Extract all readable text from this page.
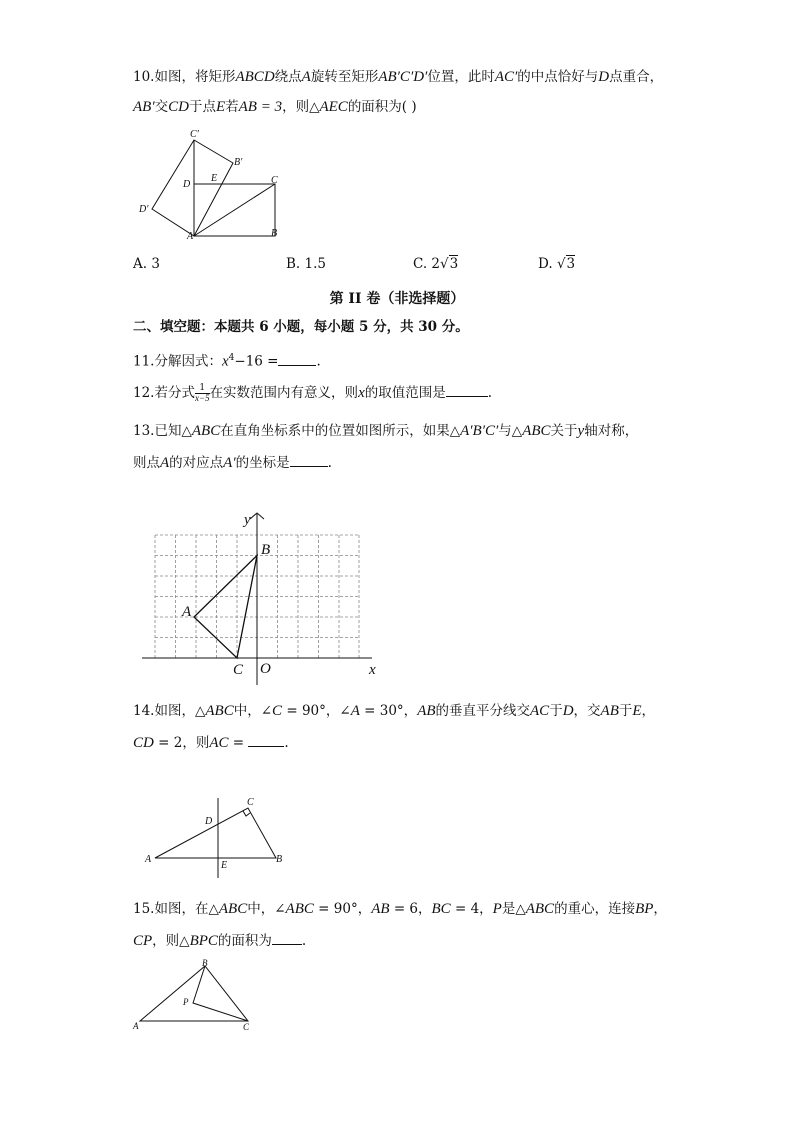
10.如图，将矩形ABCD绕点A旋转至矩形AB′C′D′位置，此时AC′的中点恰好与D点重合，
AB′交CD于点E若AB = 3，则△AEC的面积为( )
C′
B′
D
E	C
D′
A	B
A. 3	B. 1.5	C. 2√3	D. √3
第 II 卷（非选择题）
二、填空题：本题共 6 小题，每小题 5 分，共 30 分。
11.分解因式：$x^4-16$ =	.
12.若分式 $\frac{1}{x-5}$ 在实数范围内有意义，则x的取值范围是	.
13.已知△ABC在直角坐标系中的位置如图所示，如果△A′B′C′与△ABC关于y轴对称，
则点A的对应点A′的坐标是	.
y
x
O
B
A
C
14.如图，△ABC中，∠C = 90°，∠A = 30°，AB的垂直平分线交AC于D，交AB于E，
CD = 2，则AC =	.
C
D
A
E
B
15.如图，在△ABC中，∠ABC = 90°，AB = 6，BC = 4，P是△ABC的重心，连接BP，
CP，则△BPC的面积为 .
B
P
A	C
